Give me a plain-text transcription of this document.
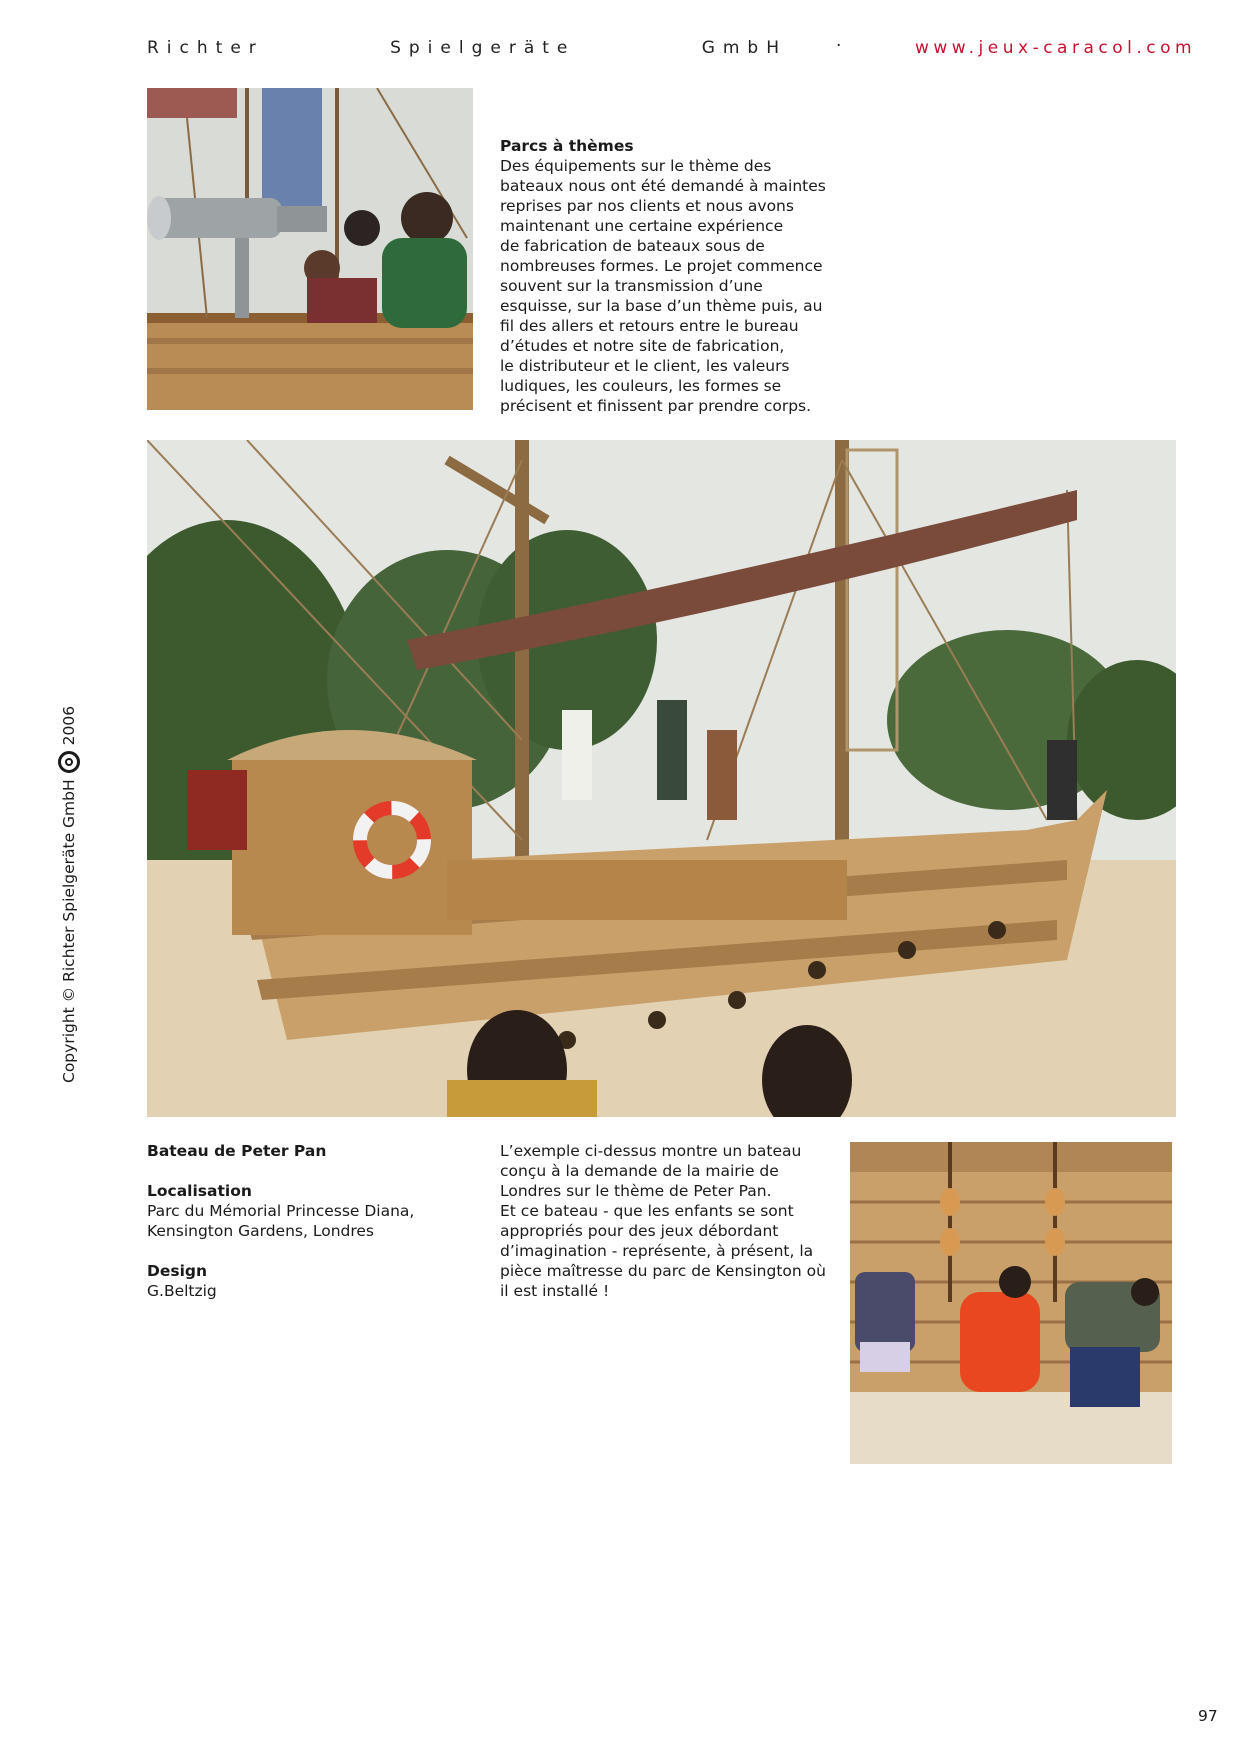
Richter	Spielgeräte	GmbH	·	www.jeux-caracol.com
Parcs à thèmes
Des équipements sur le thème des
bateaux nous ont été demandé à maintes
reprises par nos clients et nous avons
maintenant une certaine expérience
de fabrication de bateaux sous de
nombreuses formes. Le projet commence
souvent sur la transmission d’une
esquisse, sur la base d’un thème puis, au
fil des allers et retours entre le bureau
d’études et notre site de fabrication,
le distributeur et le client, les valeurs
ludiques, les couleurs, les formes se
précisent et finissent par prendre corps.
Copyright © Richter Spielgeräte GmbH
2006
Bateau de Peter Pan
Localisation
Parc du Mémorial Princesse Diana,
Kensington Gardens, Londres
Design
G.Beltzig
L’exemple ci-dessus montre un bateau
conçu à la demande de la mairie de
Londres sur le thème de Peter Pan.
Et ce bateau - que les enfants se sont
appropriés pour des jeux débordant
d’imagination - représente, à présent, la
pièce maîtresse du parc de Kensington où
il est installé !
97
